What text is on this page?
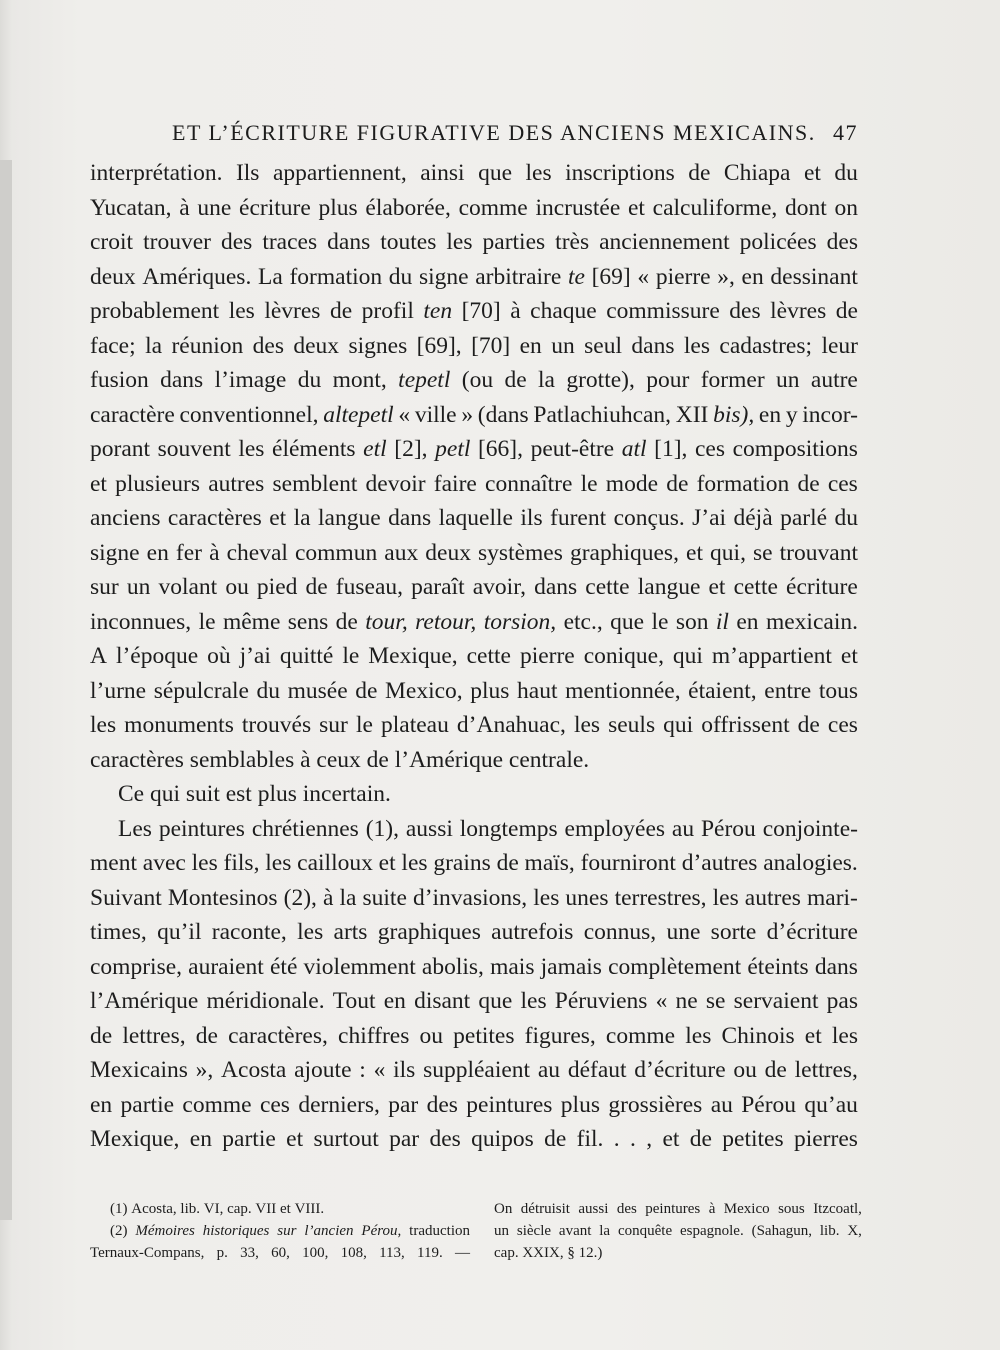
ET L’ÉCRITURE FIGURATIVE DES ANCIENS MEXICAINS. 47
interprétation. Ils appartiennent, ainsi que les inscriptions de Chiapa et du
Yucatan, à une écriture plus élaborée, comme incrustée et calculiforme, dont on
croit trouver des traces dans toutes les parties très anciennement policées des
deux Amériques. La formation du signe arbitraire te [69] « pierre », en dessinant
probablement les lèvres de profil ten [70] à chaque commissure des lèvres de
face; la réunion des deux signes [69], [70] en un seul dans les cadastres; leur
fusion dans l’image du mont, tepetl (ou de la grotte), pour former un autre
caractère conventionnel, altepetl « ville » (dans Patlachiuhcan, XII bis), en y incor-
porant souvent les éléments etl [2], petl [66], peut-être atl [1], ces compositions
et plusieurs autres semblent devoir faire connaître le mode de formation de ces
anciens caractères et la langue dans laquelle ils furent conçus. J’ai déjà parlé du
signe en fer à cheval commun aux deux systèmes graphiques, et qui, se trouvant
sur un volant ou pied de fuseau, paraît avoir, dans cette langue et cette écriture
inconnues, le même sens de tour, retour, torsion, etc., que le son il en mexicain.
A l’époque où j’ai quitté le Mexique, cette pierre conique, qui m’appartient et
l’urne sépulcrale du musée de Mexico, plus haut mentionnée, étaient, entre tous
les monuments trouvés sur le plateau d’Anahuac, les seuls qui offrissent de ces
caractères semblables à ceux de l’Amérique centrale.
Ce qui suit est plus incertain.
Les peintures chrétiennes (1), aussi longtemps employées au Pérou conjointe-
ment avec les fils, les cailloux et les grains de maïs, fourniront d’autres analogies.
Suivant Montesinos (2), à la suite d’invasions, les unes terrestres, les autres mari-
times, qu’il raconte, les arts graphiques autrefois connus, une sorte d’écriture
comprise, auraient été violemment abolis, mais jamais complètement éteints dans
l’Amérique méridionale. Tout en disant que les Péruviens « ne se servaient pas
de lettres, de caractères, chiffres ou petites figures, comme les Chinois et les
Mexicains », Acosta ajoute : « ils suppléaient au défaut d’écriture ou de lettres,
en partie comme ces derniers, par des peintures plus grossières au Pérou qu’au
Mexique, en partie et surtout par des quipos de fil. . . , et de petites pierres
(1) Acosta, lib. VI, cap. VII et VIII.
(2) Mémoires historiques sur l’ancien Pérou, traduction
Ternaux-Compans, p. 33, 60, 100, 108, 113, 119. —
On détruisit aussi des peintures à Mexico sous Itzcoatl,
un siècle avant la conquête espagnole. (Sahagun, lib. X,
cap. XXIX, § 12.)
